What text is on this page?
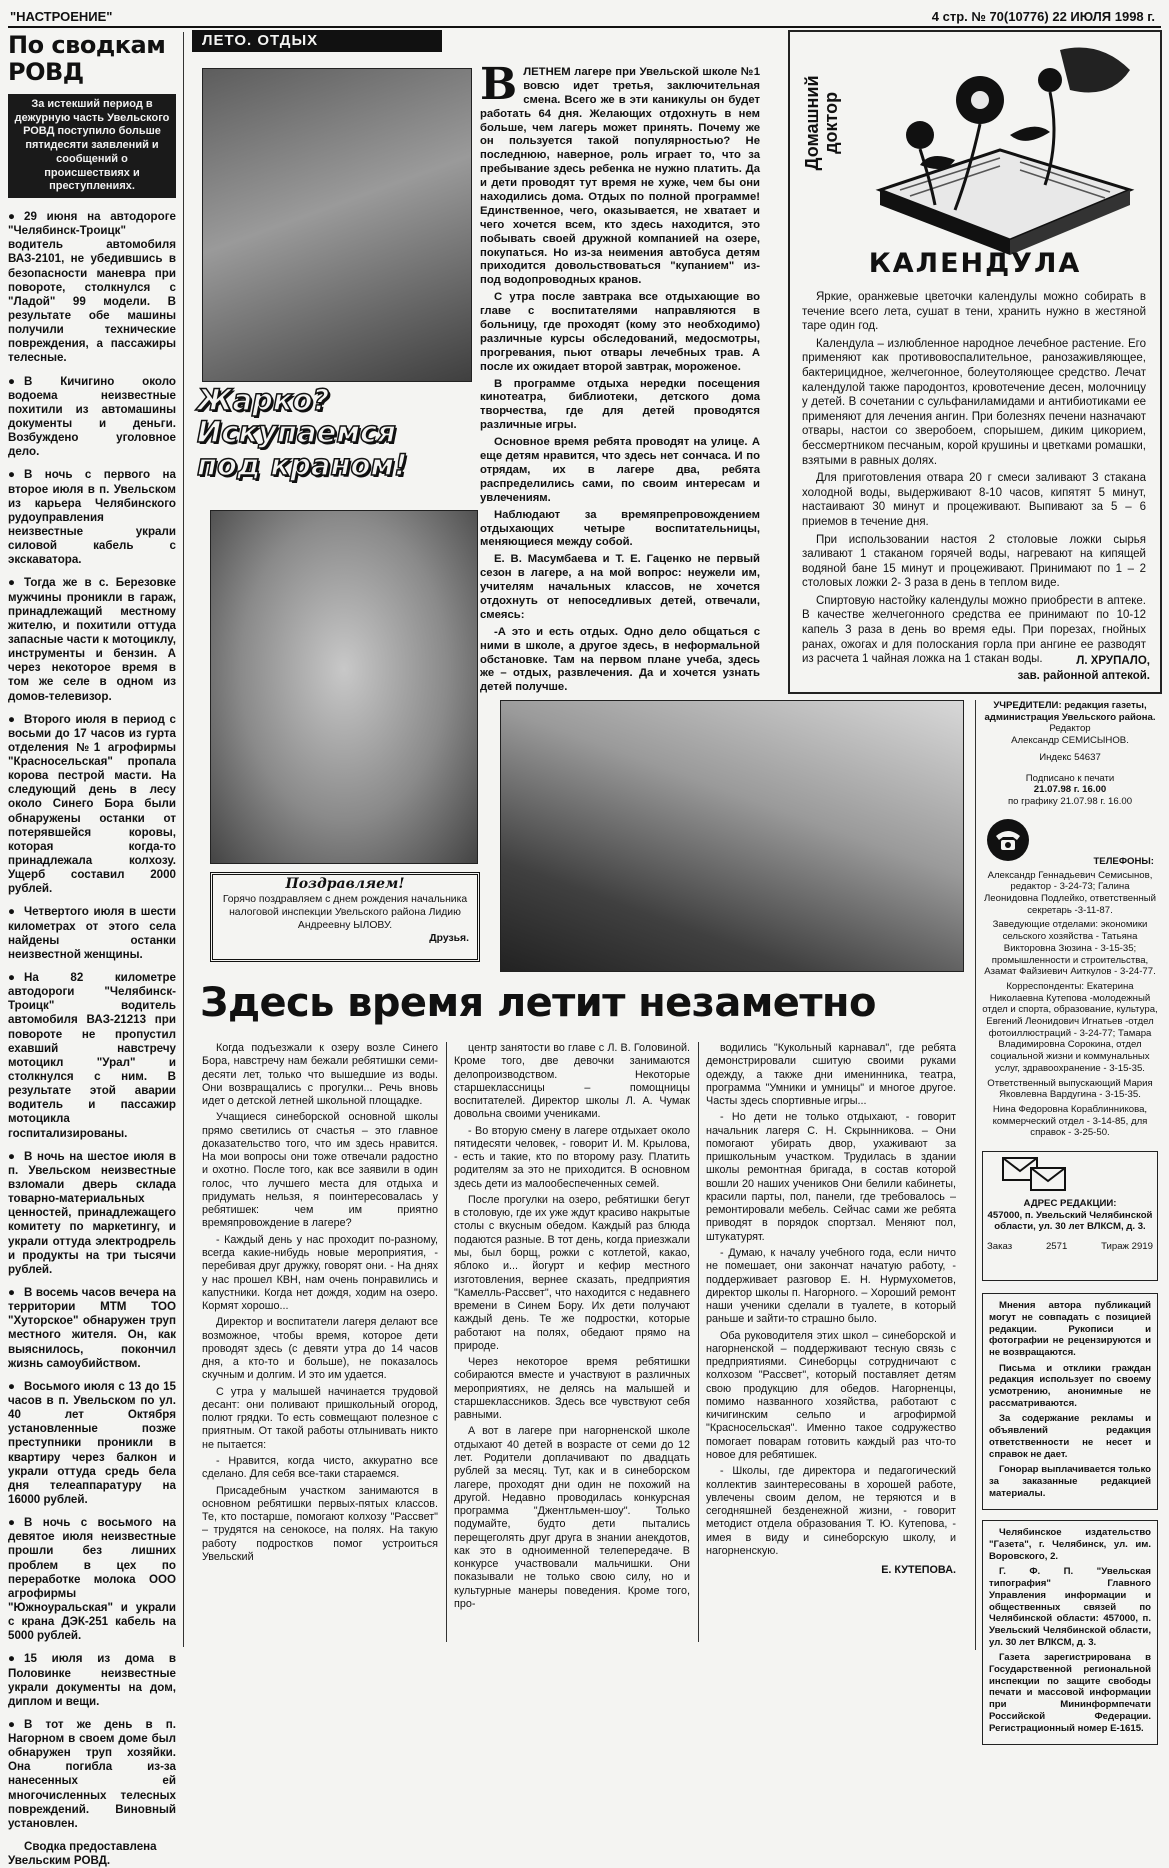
"НАСТРОЕНИЕ"	4 стр. № 70(10776) 22 ИЮЛЯ 1998 г.
По сводкам РОВД
За истекший период в дежурную часть Увельского РОВД поступило больше пятидесяти заявлений и сообщений о происшествиях и преступлениях.
● 29 июня на автодороге "Челябинск-Троицк" водитель автомобиля ВАЗ-2101, не убедившись в безопасности маневра при повороте, столкнулся с "Ладой" 99 модели. В результате обе машины получили технические повреждения, а пассажиры телесные.
● В Кичигино около водоема неизвестные похитили из автомашины документы и деньги. Возбуждено уголовное дело.
● В ночь с первого на второе июля в п. Увельском из карьера Челябинского рудоуправления неизвестные украли силовой кабель с экскаватора.
● Тогда же в с. Березовке мужчины проникли в гараж, принадлежащий местному жителю, и похитили оттуда запасные части к мотоциклу, инструменты и бензин. А через некоторое время в том же селе в одном из домов-телевизор.
● Второго июля в период с восьми до 17 часов из гурта отделения №1 агрофирмы "Красносельская" пропала корова пестрой масти. На следующий день в лесу около Синего Бора были обнаружены останки от потерявшейся коровы, которая когда-то принадлежала колхозу. Ущерб составил 2000 рублей.
● Четвертого июля в шести километрах от этого села найдены останки неизвестной женщины.
● На 82 километре автодороги "Челябинск-Троицк" водитель автомобиля ВАЗ-21213 при повороте не пропустил ехавший навстречу мотоцикл "Урал" и столкнулся с ним. В результате этой аварии водитель и пассажир мотоцикла госпитализированы.
● В ночь на шестое июля в п. Увельском неизвестные взломали дверь склада товарно-материальных ценностей, принадлежащего комитету по маркетингу, и украли оттуда электродрель и продукты на три тысячи рублей.
● В восемь часов вечера на территории МТМ ТОО "Хуторское" обнаружен труп местного жителя. Он, как выяснилось, покончил жизнь самоубийством.
● Восьмого июля с 13 до 15 часов в п. Увельском по ул. 40 лет Октября установленные позже преступники проникли в квартиру через балкон и украли оттуда средь бела дня телеаппаратуру на 16000 рублей.
● В ночь с восьмого на девятое июля неизвестные прошли без лишних проблем в цех по переработке молока ООО агрофирмы "Южноуральская" и украли с крана ДЭК-251 кабель на 5000 рублей.
● 15 июля из дома в Половинке неизвестные украли документы на дом, диплом и вещи.
● В тот же день в п. Нагорном в своем доме был обнаружен труп хозяйки. Она погибла из-за нанесенных ей многочисленных телесных повреждений. Виновный установлен.
Сводка предоставлена Увельским РОВД.
ЛЕТО. ОТДЫХ
Жарко?
Искупаемся
под краном!
В ЛЕТНЕМ лагере при Увельской школе №1 вовсю идет третья, заключительная смена. Всего же в эти каникулы он будет работать 64 дня. Желающих отдохнуть в нем больше, чем лагерь может принять. Почему же он пользуется такой популярностью? Не последнюю, наверное, роль играет то, что за пребывание здесь ребенка не нужно платить. Да и дети проводят тут время не хуже, чем бы они находились дома. Отдых по полной программе! Единственное, чего, оказывается, не хватает и чего хочется всем, кто здесь находится, это побывать своей дружной компанией на озере, покупаться. Но из-за неимения автобуса детям приходится довольствоваться "купанием" из-под водопроводных кранов.

С утра после завтрака все отдыхающие во главе с воспитателями направляются в больницу, где проходят (кому это необходимо) различные курсы обследований, медосмотры, прогревания, пьют отвары лечебных трав. А после их ожидает второй завтрак, мороженое.

В программе отдыха нередки посещения кинотеатра, библиотеки, детского дома творчества, где для детей проводятся различные игры.

Основное время ребята проводят на улице. А еще детям нравится, что здесь нет сончаса. И по отрядам, их в лагере два, ребята распределились сами, по своим интересам и увлечениям.

Наблюдают за времяпрепровождением отдыхающих четыре воспитательницы, меняющиеся между собой.

Е. В. Масумбаева и Т. Е. Гаценко не первый сезон в лагере, а на мой вопрос: неужели им, учителям начальных классов, не хочется отдохнуть от непоседливых детей, отвечали, смеясь:

-А это и есть отдых. Одно дело общаться с ними в школе, а другое здесь, в неформальной обстановке. Там на первом плане учеба, здесь же – отдых, развлечения. Да и хочется узнать детей получше.

Домашний
доктор
КАЛЕНДУЛА

Яркие, оранжевые цветочки календулы можно собирать в течение всего лета, сушат в тени, хранить нужно в жестяной таре один год.

Календула – излюбленное народное лечебное растение. Его применяют как противовоспалительное, ранозаживляющее, бактерицидное, желчегонное, болеутоляющее средство. Лечат календулой также пародонтоз, кровотечение десен, молочницу у детей. В сочетании с сульфаниламидами и антибиотиками ее применяют для лечения ангин. При болезнях печени назначают отвары, настои со зверобоем, спорышем, диким цикорием, бессмертником песчаным, корой крушины и цветками ромашки, взятыми в равных долях.

Для приготовления отвара 20 г смеси заливают 3 стакана холодной воды, выдерживают 8-10 часов, кипятят 5 минут, настаивают 30 минут и процеживают. Выпивают за 5 – 6 приемов в течение дня.

При использовании настоя 2 столовые ложки сырья заливают 1 стаканом горячей воды, нагревают на кипящей водяной бане 15 минут и процеживают. Принимают по 1 – 2 столовых ложки 2- 3 раза в день в теплом виде.

Спиртовую настойку календулы можно приобрести в аптеке. В качестве желчегонного средства ее принимают по 10-12 капель 3 раза в день во время еды. При порезах, гнойных ранах, ожогах и для полоскания горла при ангине ее разводят из расчета 1 чайная ложка на 1 стакан воды.	Л. ХРУПАЛО,
зав. районной аптекой.
Поздравляем!
Горячо поздравляем с днем рождения начальника налоговой инспекции Увельского района Лидию Андреевну ЫЛОВУ.
Друзья.
Здесь время летит незаметно

Когда подъезжали к озеру возле Синего Бора, навстречу нам бежали ребятишки семи-десяти лет, только что вышедшие из воды. Они возвращались с прогулки... Речь вновь идет о детской летней школьной площадке.

Учащиеся синеборской основной школы прямо светились от счастья – это главное доказательство того, что им здесь нравится. На мои вопросы они тоже отвечали радостно и охотно. После того, как все заявили в один голос, что лучшего места для отдыха и придумать нельзя, я поинтересовалась у ребятишек: чем им приятно времяпровождение в лагере?

- Каждый день у нас проходит по-разному, всегда какие-нибудь новые мероприятия, - перебивая друг дружку, говорят они. - На днях у нас прошел КВН, нам очень понравились и капустники. Когда нет дождя, ходим на озеро. Кормят хорошо...

Директор и воспитатели лагеря делают все возможное, чтобы время, которое дети проводят здесь (с девяти утра до 14 часов дня, а кто-то и больше), не показалось скучным и долгим. И это им удается.

С утра у малышей начинается трудовой десант: они поливают пришкольный огород, полют грядки. То есть совмещают полезное с приятным. От такой работы отлынивать никто не пытается:

- Нравится, когда чисто, аккуратно все сделано. Для себя все-таки стараемся.

Присадебным участком занимаются в основном ребятишки первых-пятых классов. Те, кто постарше, помогают колхозу "Рассвет" – трудятся на сенокосе, на полях. На такую работу подростков помог устроиться Увельский

центр занятости во главе с Л. В. Головиной. Кроме того, две девочки занимаются делопроизводством. Некоторые старшеклассницы – помощницы воспитателей. Директор школы Л. А. Чумак довольна своими учениками.

- Во вторую смену в лагере отдыхает около пятидесяти человек, - говорит И. М. Крылова, - есть и такие, кто по второму разу. Платить родителям за это не приходится. В основном здесь дети из малообеспеченных семей.

После прогулки на озеро, ребятишки бегут в столовую, где их уже ждут красиво накрытые столы с вкусным обедом. Каждый раз блюда подаются разные. В тот день, когда приезжали мы, был борщ, рожки с котлетой, какао, яблоко и... йогурт и кефир местного изготовления, вернее сказать, предприятия "Камелль-Рассвет", что находится с недавнего времени в Синем Бору. Их дети получают каждый день. Те же подростки, которые работают на полях, обедают прямо на природе.

Через некоторое время ребятишки собираются вместе и участвуют в различных мероприятиях, не делясь на малышей и старшеклассников. Здесь все чувствуют себя равными.

А вот в лагере при нагорненской школе отдыхают 40 детей в возрасте от семи до 12 лет. Родители доплачивают по двадцать рублей за месяц. Тут, как и в синеборском лагере, проходят дни один не похожий на другой. Недавно проводилась конкурсная программа "Джентльмен-шоу". Только подумайте, будто дети пытались перещеголять друг друга в знании анекдотов, как это в одноименной телепередаче. В конкурсе участвовали мальчишки. Они показывали не только свою силу, но и культурные манеры поведения. Кроме того, про-

водились "Кукольный карнавал", где ребята демонстрировали сшитую своими руками одежду, а также дни именинника, театра, программа "Умники и умницы" и многое другое. Часты здесь спортивные игры...

- Но дети не только отдыхают, - говорит начальник лагеря С. Н. Скрынникова. – Они помогают убирать двор, ухаживают за пришкольным участком. Трудилась в здании школы ремонтная бригада, в состав которой вошли 20 наших учеников Они белили кабинеты, красили парты, пол, панели, где требовалось – ремонтировали мебель. Сейчас сами же ребята приводят в порядок спортзал. Меняют пол, штукатурят.

- Думаю, к началу учебного года, если ничто не помешает, они закончат начатую работу, - поддерживает разговор Е. Н. Нурмухометов, директор школы п. Нагорного. – Хороший ремонт наши ученики сделали в туалете, в который раньше и зайти-то страшно было.

Оба руководителя этих школ – синеборской и нагорненской – поддерживают тесную связь с предприятиями. Синеборцы сотрудничают с колхозом "Рассвет", который поставляет детям свою продукцию для обедов. Нагорненцы, помимо названного хозяйства, работают с кичигинским сельпо и агрофирмой "Красносельская". Именно такое содружество помогает поварам готовить каждый раз что-то новое для ребятишек.

- Школы, где директора и педагогический коллектив заинтересованы в хорошей работе, увлечены своим делом, не теряются и в сегодняшней безденежной жизни, - говорит методист отдела образования Т. Ю. Кутепова, - имея в виду и синеборскую школу, и нагорненскую.

Е. КУТЕПОВА.
УЧРЕДИТЕЛИ: редакция газеты, администрация Увельского района.
Редактор
Александр СЕМИСЫНОВ.
Индекс 54637
Подписано к печати
21.07.98 г. 16.00
по графику 21.07.98 г. 16.00
ТЕЛЕФОНЫ:

Александр Геннадьевич Семисынов, редактор - 3-24-73; Галина Леонидовна Подлейко, ответственный секретарь -3-11-87.

Заведующие отделами: экономики сельского хозяйства - Татьяна Викторовна Зюзина - 3-15-35; промышленности и строительства, Азамат Файзиевич Аиткулов - 3-24-77.

Корреспонденты: Екатерина Николаевна Кутепова -молодежный отдел и спорта, образование, культура, Евгений Леонидович Игнатьев -отдел фотоиллюстраций - 3-24-77; Тамара Владимировна Сорокина, отдел социальной жизни и коммунальных услуг, здравоохранение - 3-15-35.

Ответственный выпускающий Мария Яковлевна Вардугина - 3-15-35.

Нина Федоровна Кораблинникова, коммерческий отдел - 3-14-85, для справок - 3-25-50.

АДРЕС РЕДАКЦИИ:
457000, п. Увельский Челябинской области, ул. 30 лет ВЛКСМ, д. 3.
Заказ	2571	Тираж 2919

Мнения автора публикаций могут не совпадать с позицией редакции. Рукописи и фотографии не рецензируются и не возвращаются.

Письма и отклики граждан редакция использует по своему усмотрению, анонимные не рассматриваются.

За содержание рекламы и объявлений редакция ответственности не несет и справок не дает.

Гонорар выплачивается только за заказанные редакцией материалы.

Челябинское издательство "Газета", г. Челябинск, ул. им. Воровского, 2.

Г. Ф. П. "Увельская типография" Главного Управления информации и общественных связей по Челябинской области: 457000, п. Увельский Челябинской области, ул. 30 лет ВЛКСМ, д. 3.

Газета зарегистрирована в Государственной региональной инспекции по защите свободы печати и массовой информации при Мининформпечати Российской Федерации. Регистрационный номер Е-1615.
